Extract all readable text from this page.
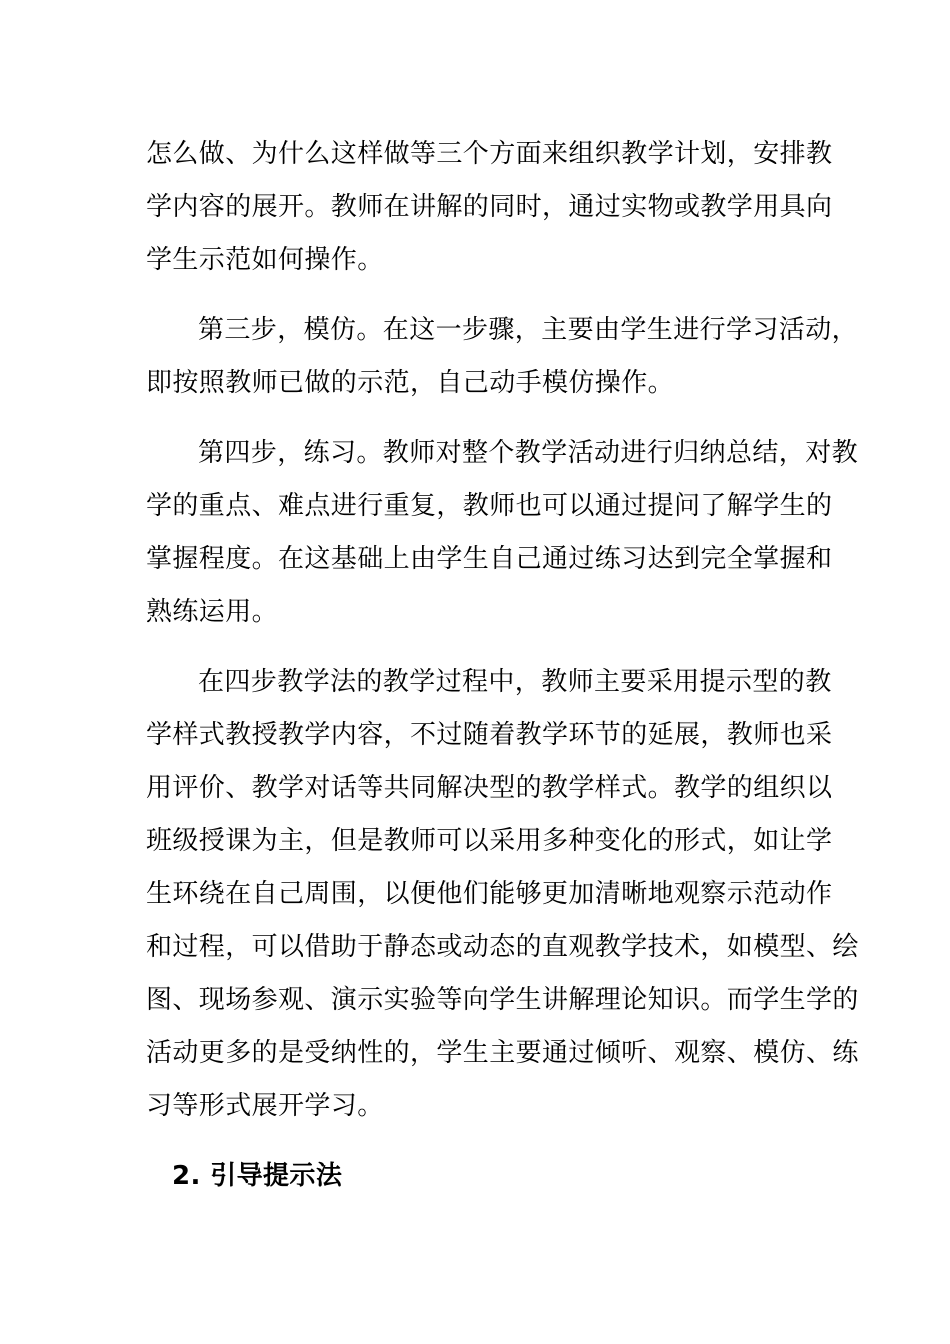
怎么做、为什么这样做等三个方面来组织教学计划，安排教
学内容的展开。教师在讲解的同时，通过实物或教学用具向
学生示范如何操作。
第三步，模仿。在这一步骤，主要由学生进行学习活动，
即按照教师已做的示范，自己动手模仿操作。
第四步，练习。教师对整个教学活动进行归纳总结，对教
学的重点、难点进行重复，教师也可以通过提问了解学生的
掌握程度。在这基础上由学生自己通过练习达到完全掌握和
熟练运用。
在四步教学法的教学过程中，教师主要采用提示型的教
学样式教授教学内容，不过随着教学环节的延展，教师也采
用评价、教学对话等共同解决型的教学样式。教学的组织以
班级授课为主，但是教师可以采用多种变化的形式，如让学
生环绕在自己周围，以便他们能够更加清晰地观察示范动作
和过程，可以借助于静态或动态的直观教学技术，如模型、绘
图、现场参观、演示实验等向学生讲解理论知识。而学生学的
活动更多的是受纳性的，学生主要通过倾听、观察、模仿、练
习等形式展开学习。
2. 引导提示法
